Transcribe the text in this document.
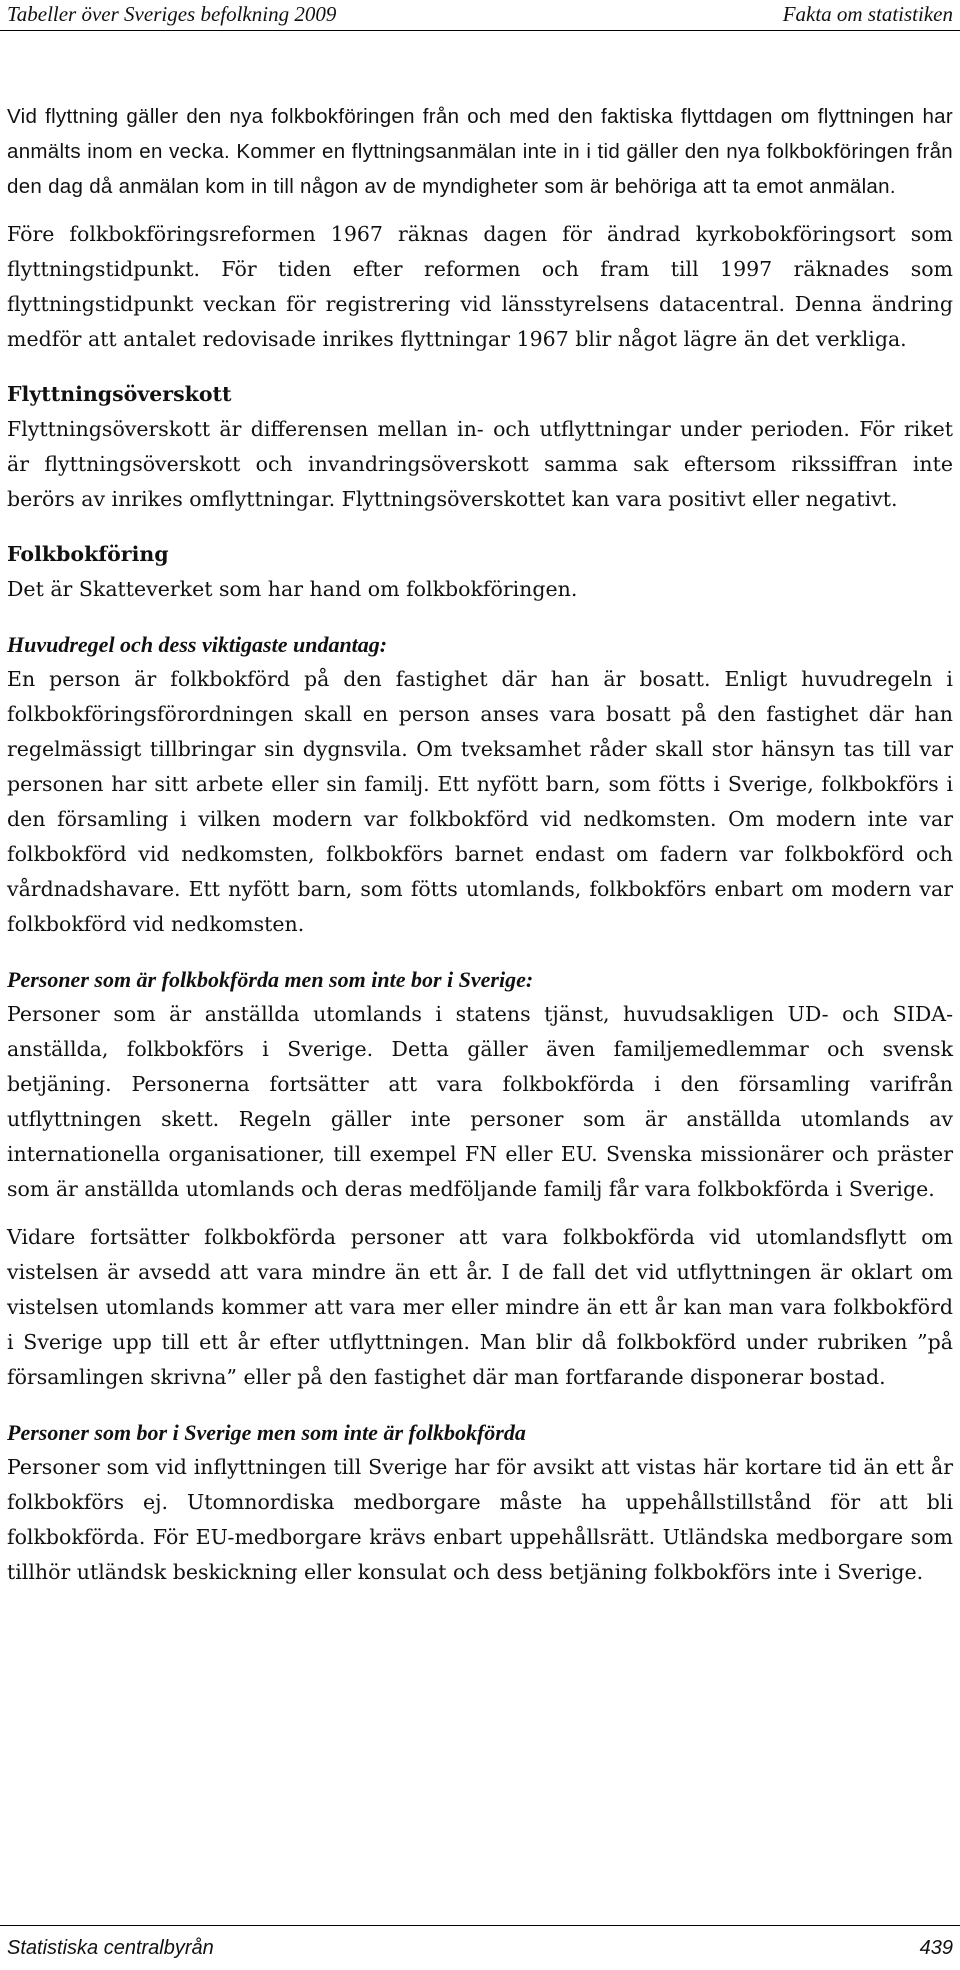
Tabeller över Sveriges befolkning 2009	Fakta om statistiken

Vid flyttning gäller den nya folkbokföringen från och med den faktiska flyttdagen om flyttningen har anmälts inom en vecka. Kommer en flyttningsanmälan inte in i tid gäller den nya folkbokföringen från den dag då anmälan kom in till någon av de myndigheter som är behöriga att ta emot anmälan.

Före folkbokföringsreformen 1967 räknas dagen för ändrad kyrkobokföringsort som flyttningstidpunkt. För tiden efter reformen och fram till 1997 räknades som flyttningstidpunkt veckan för registrering vid länsstyrelsens datacentral. Denna ändring medför att antalet redovisade inrikes flyttningar 1967 blir något lägre än det verkliga.

Flyttningsöverskott

Flyttningsöverskott är differensen mellan in- och utflyttningar under perioden. För riket är flyttningsöverskott och invandringsöverskott samma sak eftersom rikssiffran inte berörs av inrikes omflyttningar. Flyttningsöverskottet kan vara positivt eller negativt.

Folkbokföring

Det är Skatteverket som har hand om folkbokföringen.

Huvudregel och dess viktigaste undantag:

En person är folkbokförd på den fastighet där han är bosatt. Enligt huvudregeln i folkbokföringsförordningen skall en person anses vara bosatt på den fastighet där han regelmässigt tillbringar sin dygnsvila. Om tveksamhet råder skall stor hänsyn tas till var personen har sitt arbete eller sin familj. Ett nyfött barn, som fötts i Sverige, folkbokförs i den församling i vilken modern var folkbokförd vid nedkomsten. Om modern inte var folkbokförd vid nedkomsten, folkbokförs barnet endast om fadern var folkbokförd och vårdnadshavare. Ett nyfött barn, som fötts utomlands, folkbokförs enbart om modern var folkbokförd vid nedkomsten.

Personer som är folkbokförda men som inte bor i Sverige:

Personer som är anställda utomlands i statens tjänst, huvudsakligen UD- och SIDA-anställda, folkbokförs i Sverige. Detta gäller även familjemedlemmar och svensk betjäning. Personerna fortsätter att vara folkbokförda i den församling varifrån utflyttningen skett. Regeln gäller inte personer som är anställda utomlands av internationella organisationer, till exempel FN eller EU. Svenska missionärer och präster som är anställda utomlands och deras medföljande familj får vara folkbokförda i Sverige.

Vidare fortsätter folkbokförda personer att vara folkbokförda vid utomlandsflytt om vistelsen är avsedd att vara mindre än ett år. I de fall det vid utflyttningen är oklart om vistelsen utomlands kommer att vara mer eller mindre än ett år kan man vara folkbokförd i Sverige upp till ett år efter utflyttningen. Man blir då folkbokförd under rubriken ”på församlingen skrivna” eller på den fastighet där man fortfarande disponerar bostad.

Personer som bor i Sverige men som inte är folkbokförda

Personer som vid inflyttningen till Sverige har för avsikt att vistas här kortare tid än ett år folkbokförs ej. Utomnordiska medborgare måste ha uppehållstillstånd för att bli folkbokförda. För EU-medborgare krävs enbart uppehållsrätt. Utländska medborgare som tillhör utländsk beskickning eller konsulat och dess betjäning folkbokförs inte i Sverige.

Statistiska centralbyrån	439
